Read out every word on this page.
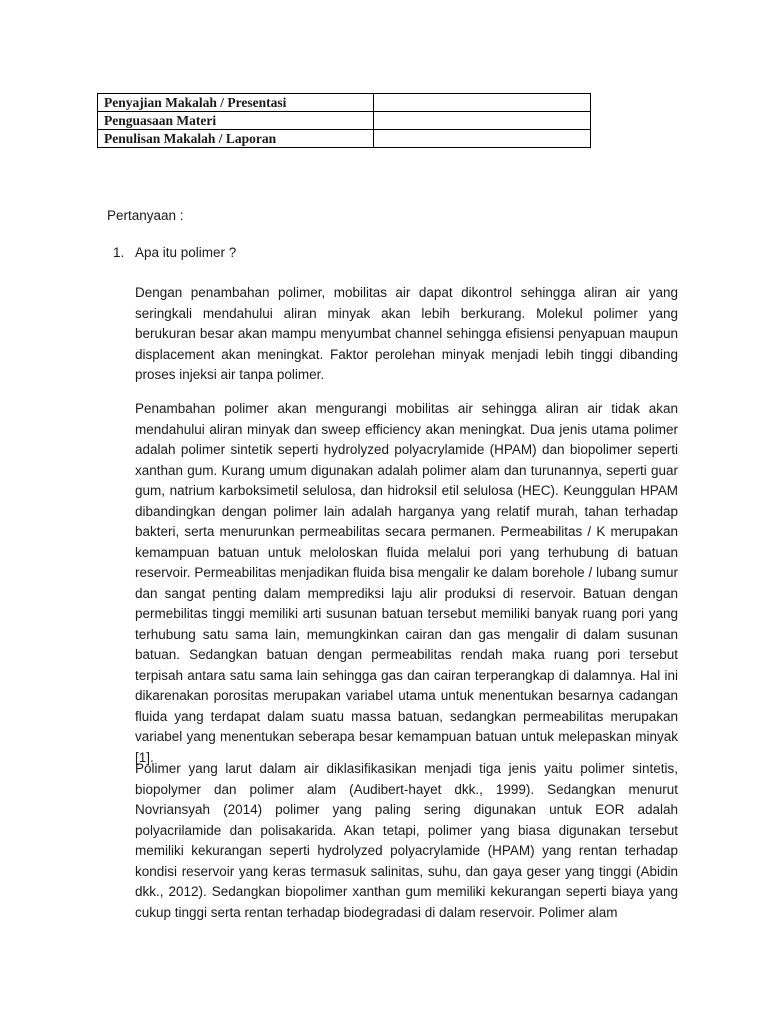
Penyajian Makalah / Presentasi	
Penguasaan Materi	
Penulisan Makalah / Laporan	
Pertanyaan :
1. Apa itu polimer ?

Dengan penambahan polimer, mobilitas air dapat dikontrol sehingga aliran air yang seringkali mendahului aliran minyak akan lebih berkurang. Molekul polimer yang berukuran besar akan mampu menyumbat channel sehingga efisiensi penyapuan maupun displacement akan meningkat. Faktor perolehan minyak menjadi lebih tinggi dibanding proses injeksi air tanpa polimer.

Penambahan polimer akan mengurangi mobilitas air sehingga aliran air tidak akan mendahului aliran minyak dan sweep efficiency akan meningkat. Dua jenis utama polimer adalah polimer sintetik seperti hydrolyzed polyacrylamide (HPAM) dan biopolimer seperti xanthan gum. Kurang umum digunakan adalah polimer alam dan turunannya, seperti guar gum, natrium karboksimetil selulosa, dan hidroksil etil selulosa (HEC). Keunggulan HPAM dibandingkan dengan polimer lain adalah harganya yang relatif murah, tahan terhadap bakteri, serta menurunkan permeabilitas secara permanen. Permeabilitas / K merupakan kemampuan batuan untuk meloloskan fluida melalui pori yang terhubung di batuan reservoir. Permeabilitas menjadikan fluida bisa mengalir ke dalam borehole / lubang sumur dan sangat penting dalam memprediksi laju alir produksi di reservoir. Batuan dengan permebilitas tinggi memiliki arti susunan batuan tersebut memiliki banyak ruang pori yang terhubung satu sama lain, memungkinkan cairan dan gas mengalir di dalam susunan batuan. Sedangkan batuan dengan permeabilitas rendah maka ruang pori tersebut terpisah antara satu sama lain sehingga gas dan cairan terperangkap di dalamnya. Hal ini dikarenakan porositas merupakan variabel utama untuk menentukan besarnya cadangan fluida yang terdapat dalam suatu massa batuan, sedangkan permeabilitas merupakan variabel yang menentukan seberapa besar kemampuan batuan untuk melepaskan minyak [1].

Polimer yang larut dalam air diklasifikasikan menjadi tiga jenis yaitu polimer sintetis, biopolymer dan polimer alam (Audibert-hayet dkk., 1999). Sedangkan menurut Novriansyah (2014) polimer yang paling sering digunakan untuk EOR adalah polyacrilamide dan polisakarida. Akan tetapi, polimer yang biasa digunakan tersebut memiliki kekurangan seperti hydrolyzed polyacrylamide (HPAM) yang rentan terhadap kondisi reservoir yang keras termasuk salinitas, suhu, dan gaya geser yang tinggi (Abidin dkk., 2012). Sedangkan biopolimer xanthan gum memiliki kekurangan seperti biaya yang cukup tinggi serta rentan terhadap biodegradasi di dalam reservoir. Polimer alam
